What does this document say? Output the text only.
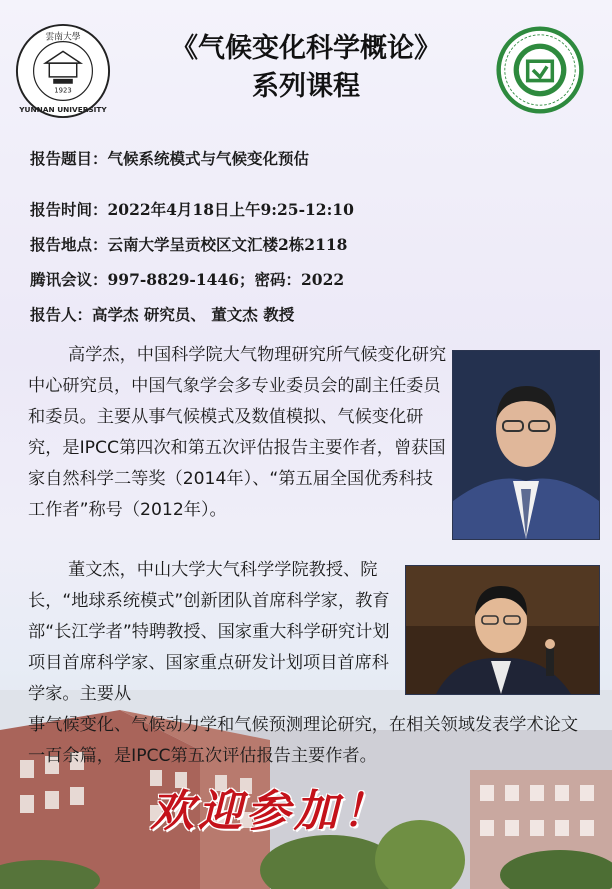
1923
雲南大學
YUNNAN UNIVERSITY
《气候变化科学概论》
系列课程
报告题目：气候系统模式与气候变化预估
报告时间：2022年4月18日上午9:25-12:10
报告地点：云南大学呈贡校区文汇楼2栋2118
腾讯会议：997-8829-1446；密码：2022
报告人：高学杰 研究员、 董文杰 教授
高学杰，中国科学院大气物理研究所气候变化研究中心研究员，中国气象学会多专业委员会的副主任委员和委员。主要从事气候模式及数值模拟、气候变化研究，是IPCC第四次和第五次评估报告主要作者，曾获国家自然科学二等奖（2014年）、“第五届全国优秀科技工作者”称号（2012年）。
董文杰，中山大学大气科学学院教授、院长，“地球系统模式”创新团队首席科学家，教育部“长江学者”特聘教授、国家重大科学研究计划项目首席科学家、国家重点研发计划项目首席科学家。主要从
事气候变化、气候动力学和气候预测理论研究，在相关领域发表学术论文一百余篇，是IPCC第五次评估报告主要作者。
欢迎参加！
